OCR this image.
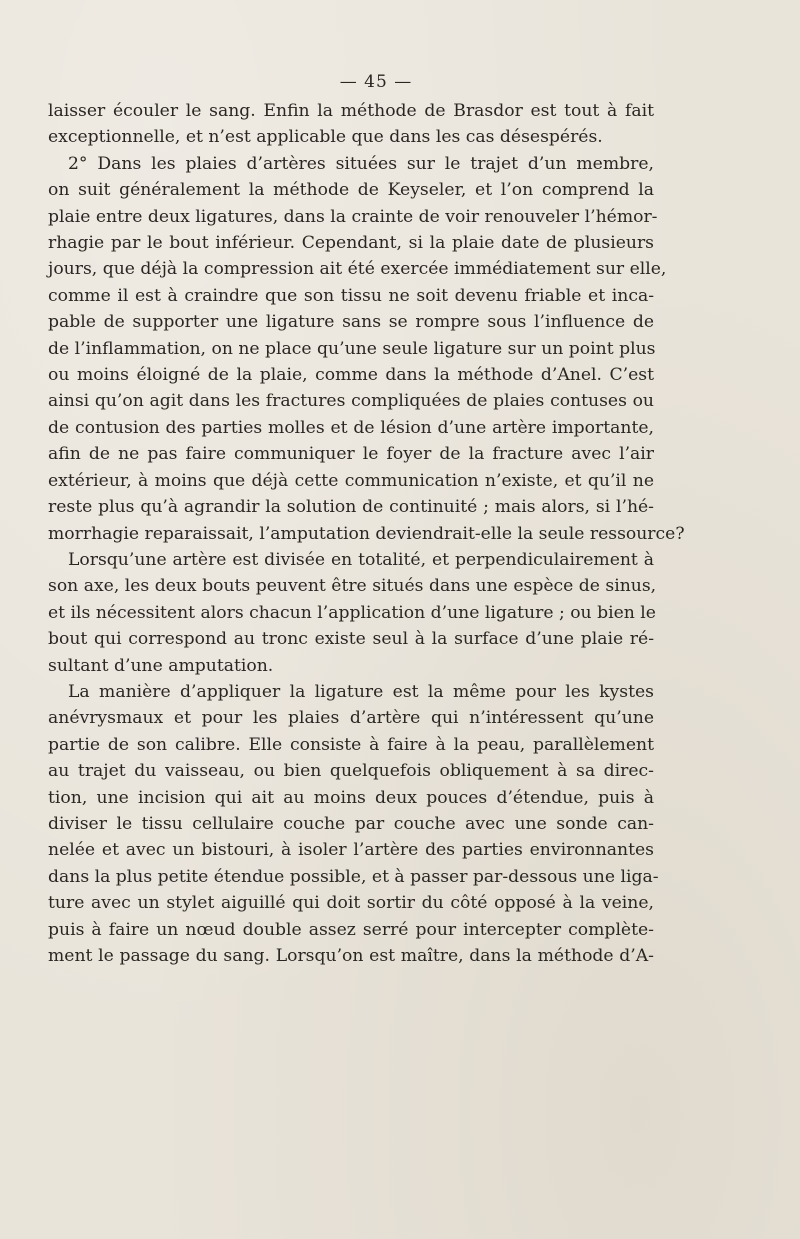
— 45 —
laisser écouler le sang. Enfin la méthode de Brasdor est tout à fait
exceptionnelle, et n’est applicable que dans les cas désespérés.
2° Dans les plaies d’artères situées sur le trajet d’un membre,
on suit généralement la méthode de Keyseler, et l’on comprend la
plaie entre deux ligatures, dans la crainte de voir renouveler l’hémor-
rhagie par le bout inférieur. Cependant, si la plaie date de plusieurs
jours, que déjà la compression ait été exercée immédiatement sur elle,
comme il est à craindre que son tissu ne soit devenu friable et inca-
pable de supporter une ligature sans se rompre sous l’influence de
de l’inflammation, on ne place qu’une seule ligature sur un point plus
ou moins éloigné de la plaie, comme dans la méthode d’Anel. C’est
ainsi qu’on agit dans les fractures compliquées de plaies contuses ou
de contusion des parties molles et de lésion d’une artère importante,
afin de ne pas faire communiquer le foyer de la fracture avec l’air
extérieur, à moins que déjà cette communication n’existe, et qu’il ne
reste plus qu’à agrandir la solution de continuité ; mais alors, si l’hé-
morrhagie reparaissait, l’amputation deviendrait-elle la seule ressource?
Lorsqu’une artère est divisée en totalité, et perpendiculairement à
son axe, les deux bouts peuvent être situés dans une espèce de sinus,
et ils nécessitent alors chacun l’application d’une ligature ; ou bien le
bout qui correspond au tronc existe seul à la surface d’une plaie ré-
sultant d’une amputation.
La manière d’appliquer la ligature est la même pour les kystes
anévrysmaux et pour les plaies d’artère qui n’intéressent qu’une
partie de son calibre. Elle consiste à faire à la peau, parallèlement
au trajet du vaisseau, ou bien quelquefois obliquement à sa direc-
tion, une incision qui ait au moins deux pouces d’étendue, puis à
diviser le tissu cellulaire couche par couche avec une sonde can-
nelée et avec un bistouri, à isoler l’artère des parties environnantes
dans la plus petite étendue possible, et à passer par-dessous une liga-
ture avec un stylet aiguillé qui doit sortir du côté opposé à la veine,
puis à faire un nœud double assez serré pour intercepter complète-
ment le passage du sang. Lorsqu’on est maître, dans la méthode d’A-
